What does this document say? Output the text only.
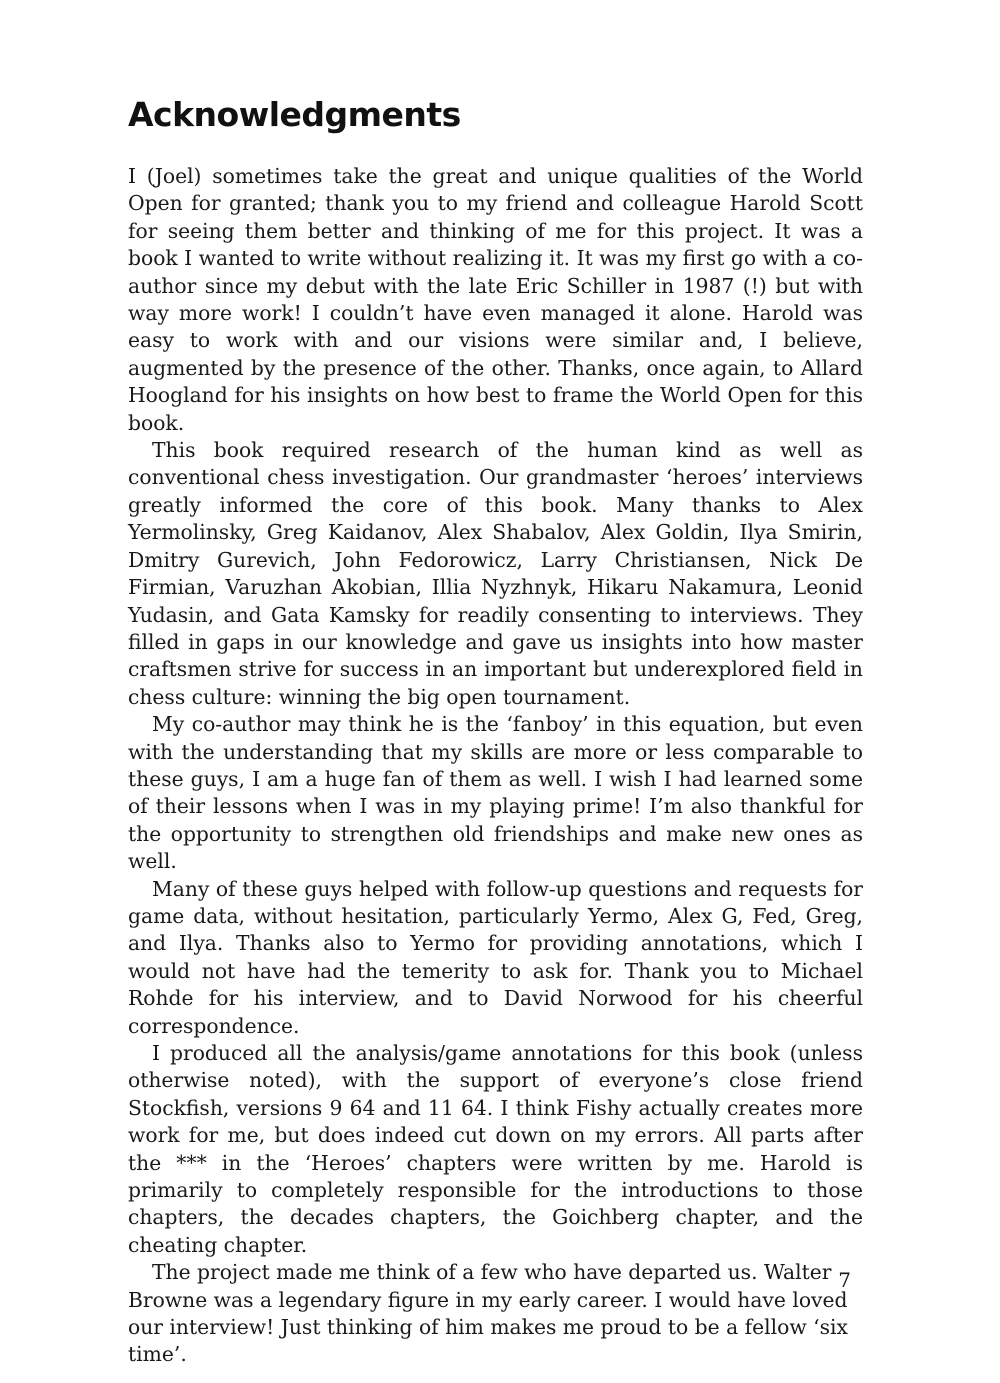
Acknowledgments

I (Joel) sometimes take the great and unique qualities of the World Open for granted; thank you to my friend and colleague Harold Scott for seeing them better and thinking of me for this project. It was a book I wanted to write without realizing it. It was my first go with a co-author since my debut with the late Eric Schiller in 1987 (!) but with way more work! I couldn’t have even managed it alone. Harold was easy to work with and our visions were similar and, I believe, augmented by the presence of the other. Thanks, once again, to Allard Hoogland for his insights on how best to frame the World Open for this book.

This book required research of the human kind as well as conventional chess investigation. Our grandmaster ‘heroes’ interviews greatly informed the core of this book. Many thanks to Alex Yermolinsky, Greg Kaidanov, Alex Shabalov, Alex Goldin, Ilya Smirin, Dmitry Gurevich, John Fedorowicz, Larry Christiansen, Nick De Firmian, Varuzhan Akobian, Illia Nyzhnyk, Hikaru Nakamura, Leonid Yudasin, and Gata Kamsky for readily consenting to interviews. They filled in gaps in our knowledge and gave us insights into how master craftsmen strive for success in an important but underexplored field in chess culture: winning the big open tournament.

My co-author may think he is the ‘fanboy’ in this equation, but even with the understanding that my skills are more or less comparable to these guys, I am a huge fan of them as well. I wish I had learned some of their lessons when I was in my playing prime! I’m also thankful for the opportunity to strengthen old friendships and make new ones as well.

Many of these guys helped with follow-up questions and requests for game data, without hesitation, particularly Yermo, Alex G, Fed, Greg, and Ilya. Thanks also to Yermo for providing annotations, which I would not have had the temerity to ask for. Thank you to Michael Rohde for his interview, and to David Norwood for his cheerful correspondence.

I produced all the analysis/game annotations for this book (unless otherwise noted), with the support of everyone’s close friend Stockfish, versions 9 64 and 11 64. I think Fishy actually creates more work for me, but does indeed cut down on my errors. All parts after the *** in the ‘Heroes’ chapters were written by me. Harold is primarily to completely responsible for the introductions to those chapters, the decades chapters, the Goichberg chapter, and the cheating chapter.

The project made me think of a few who have departed us. Walter Browne was a legendary figure in my early career. I would have loved our interview! Just thinking of him makes me proud to be a fellow ‘six time’.

7
